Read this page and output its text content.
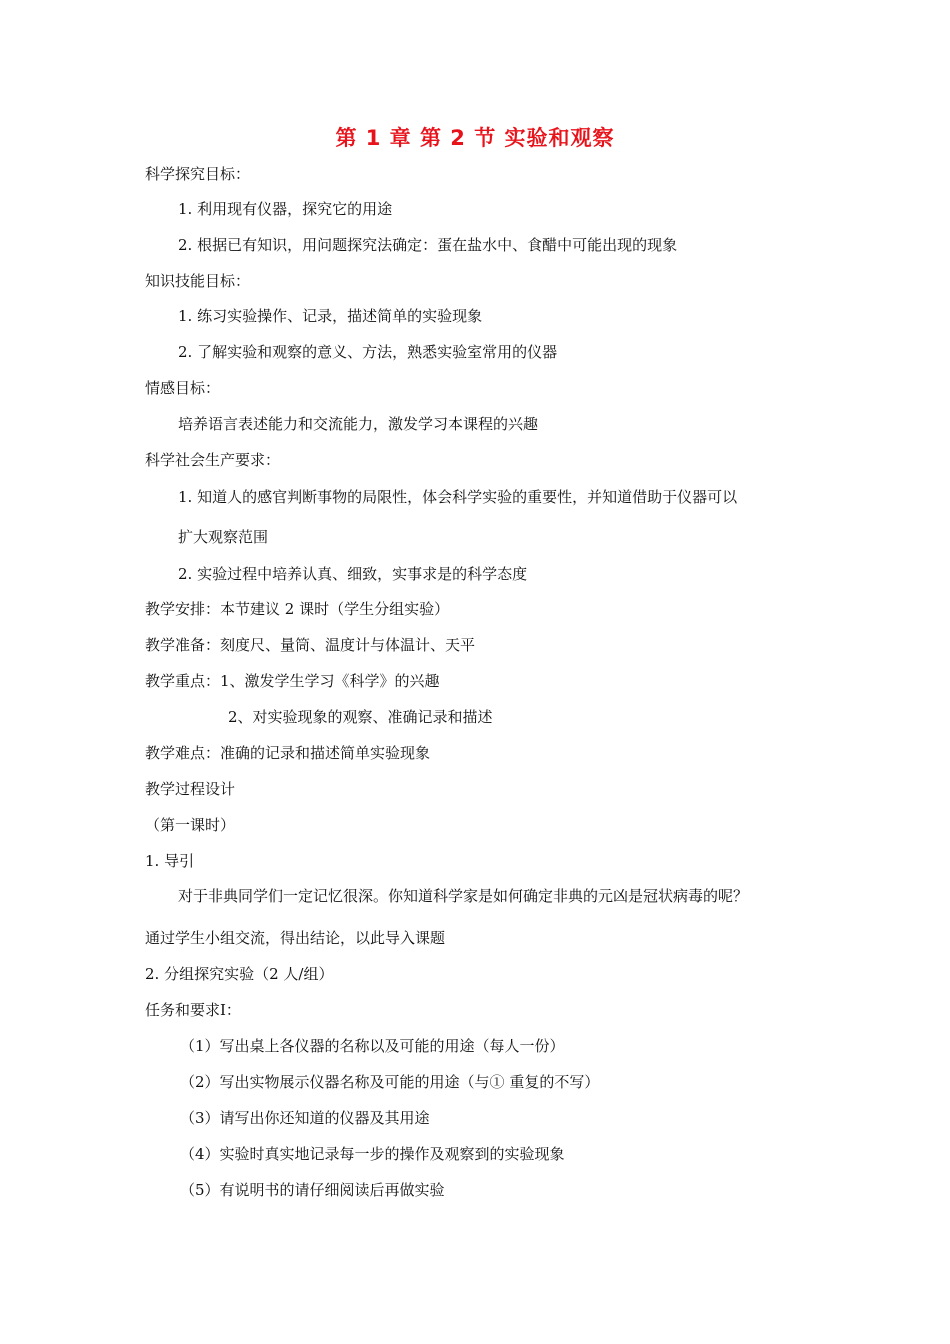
第 1 章 第 2 节 实验和观察
科学探究目标：
1. 利用现有仪器，探究它的用途
2. 根据已有知识，用问题探究法确定：蛋在盐水中、食醋中可能出现的现象
知识技能目标：
1. 练习实验操作、记录，描述简单的实验现象
2. 了解实验和观察的意义、方法，熟悉实验室常用的仪器
情感目标：
培养语言表述能力和交流能力，激发学习本课程的兴趣
科学社会生产要求：
1. 知道人的感官判断事物的局限性，体会科学实验的重要性，并知道借助于仪器可以
扩大观察范围
2. 实验过程中培养认真、细致，实事求是的科学态度
教学安排：本节建议 2 课时（学生分组实验）
教学准备：刻度尺、量筒、温度计与体温计、天平
教学重点：1、激发学生学习《科学》的兴趣
2、对实验现象的观察、准确记录和描述
教学难点：准确的记录和描述简单实验现象
教学过程设计
（第一课时）
1. 导引
对于非典同学们一定记忆很深。你知道科学家是如何确定非典的元凶是冠状病毒的呢？
通过学生小组交流，得出结论，以此导入课题
2. 分组探究实验（2 人/组）
任务和要求Ⅰ：
（1）写出桌上各仪器的名称以及可能的用途（每人一份）
（2）写出实物展示仪器名称及可能的用途（与① 重复的不写）
（3）请写出你还知道的仪器及其用途
（4）实验时真实地记录每一步的操作及观察到的实验现象
（5）有说明书的请仔细阅读后再做实验
